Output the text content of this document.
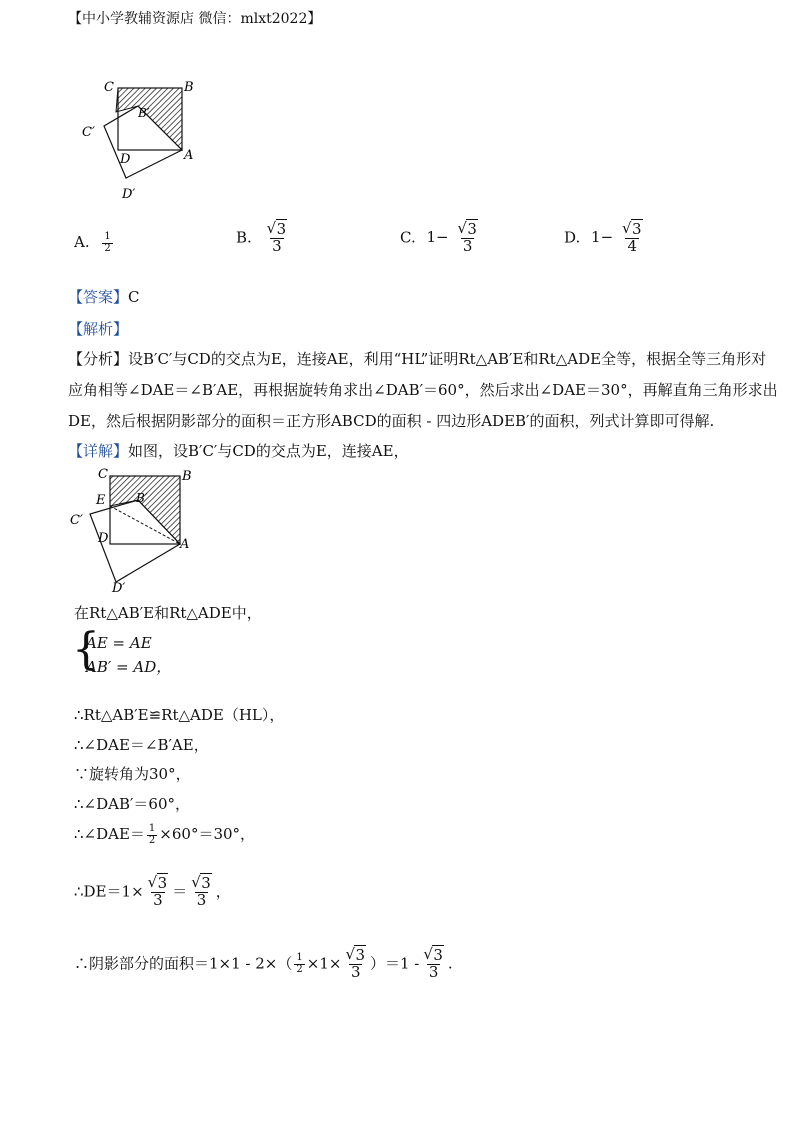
【中小学教辅资源店 微信：mlxt2022】
C	B
B′
C′
D	A
D′
A. $\frac{1}{2}$	B. $\frac{√ 3}{3}$	C. $1- \frac{√ 3}{3}$	D. $1- \frac{√ 3}{4}$
【答案】C
【解析】
【分析】设B′C′与CD的交点为E，连接AE，利用“HL”证明Rt△AB′E和Rt△ADE全等，根据全等三角形对
应角相等∠DAE＝∠B′AE，再根据旋转角求出∠DAB′＝60°，然后求出∠DAE＝30°，再解直角三角形求出
DE，然后根据阴影部分的面积＝正方形ABCD的面积 - 四边形ADEB′的面积，列式计算即可得解.
【详解】如图，设B′C′与CD的交点为E，连接AE，
C	B
E	B′
C′
D	A
D′
在Rt△AB′E和Rt△ADE中，
{
AE = AE
AB′ = AD，
∴Rt△AB′E≌Rt△ADE（HL），
∴∠DAE＝∠B′AE，
∵旋转角为30°，
∴∠DAB′＝60°，
∴∠DAE＝ $\frac{1}{2} \times 60^\circ=30^\circ$，
∴DE＝1× $\frac{√ 3}{3} = \frac{√ 3}{3}$ ，
∴阴影部分的面积$=1\times 1 - 2\times( \frac{1}{2} \times 1\times \frac{√ 3}{3} )=1 - \frac{√ 3}{3}$ .
